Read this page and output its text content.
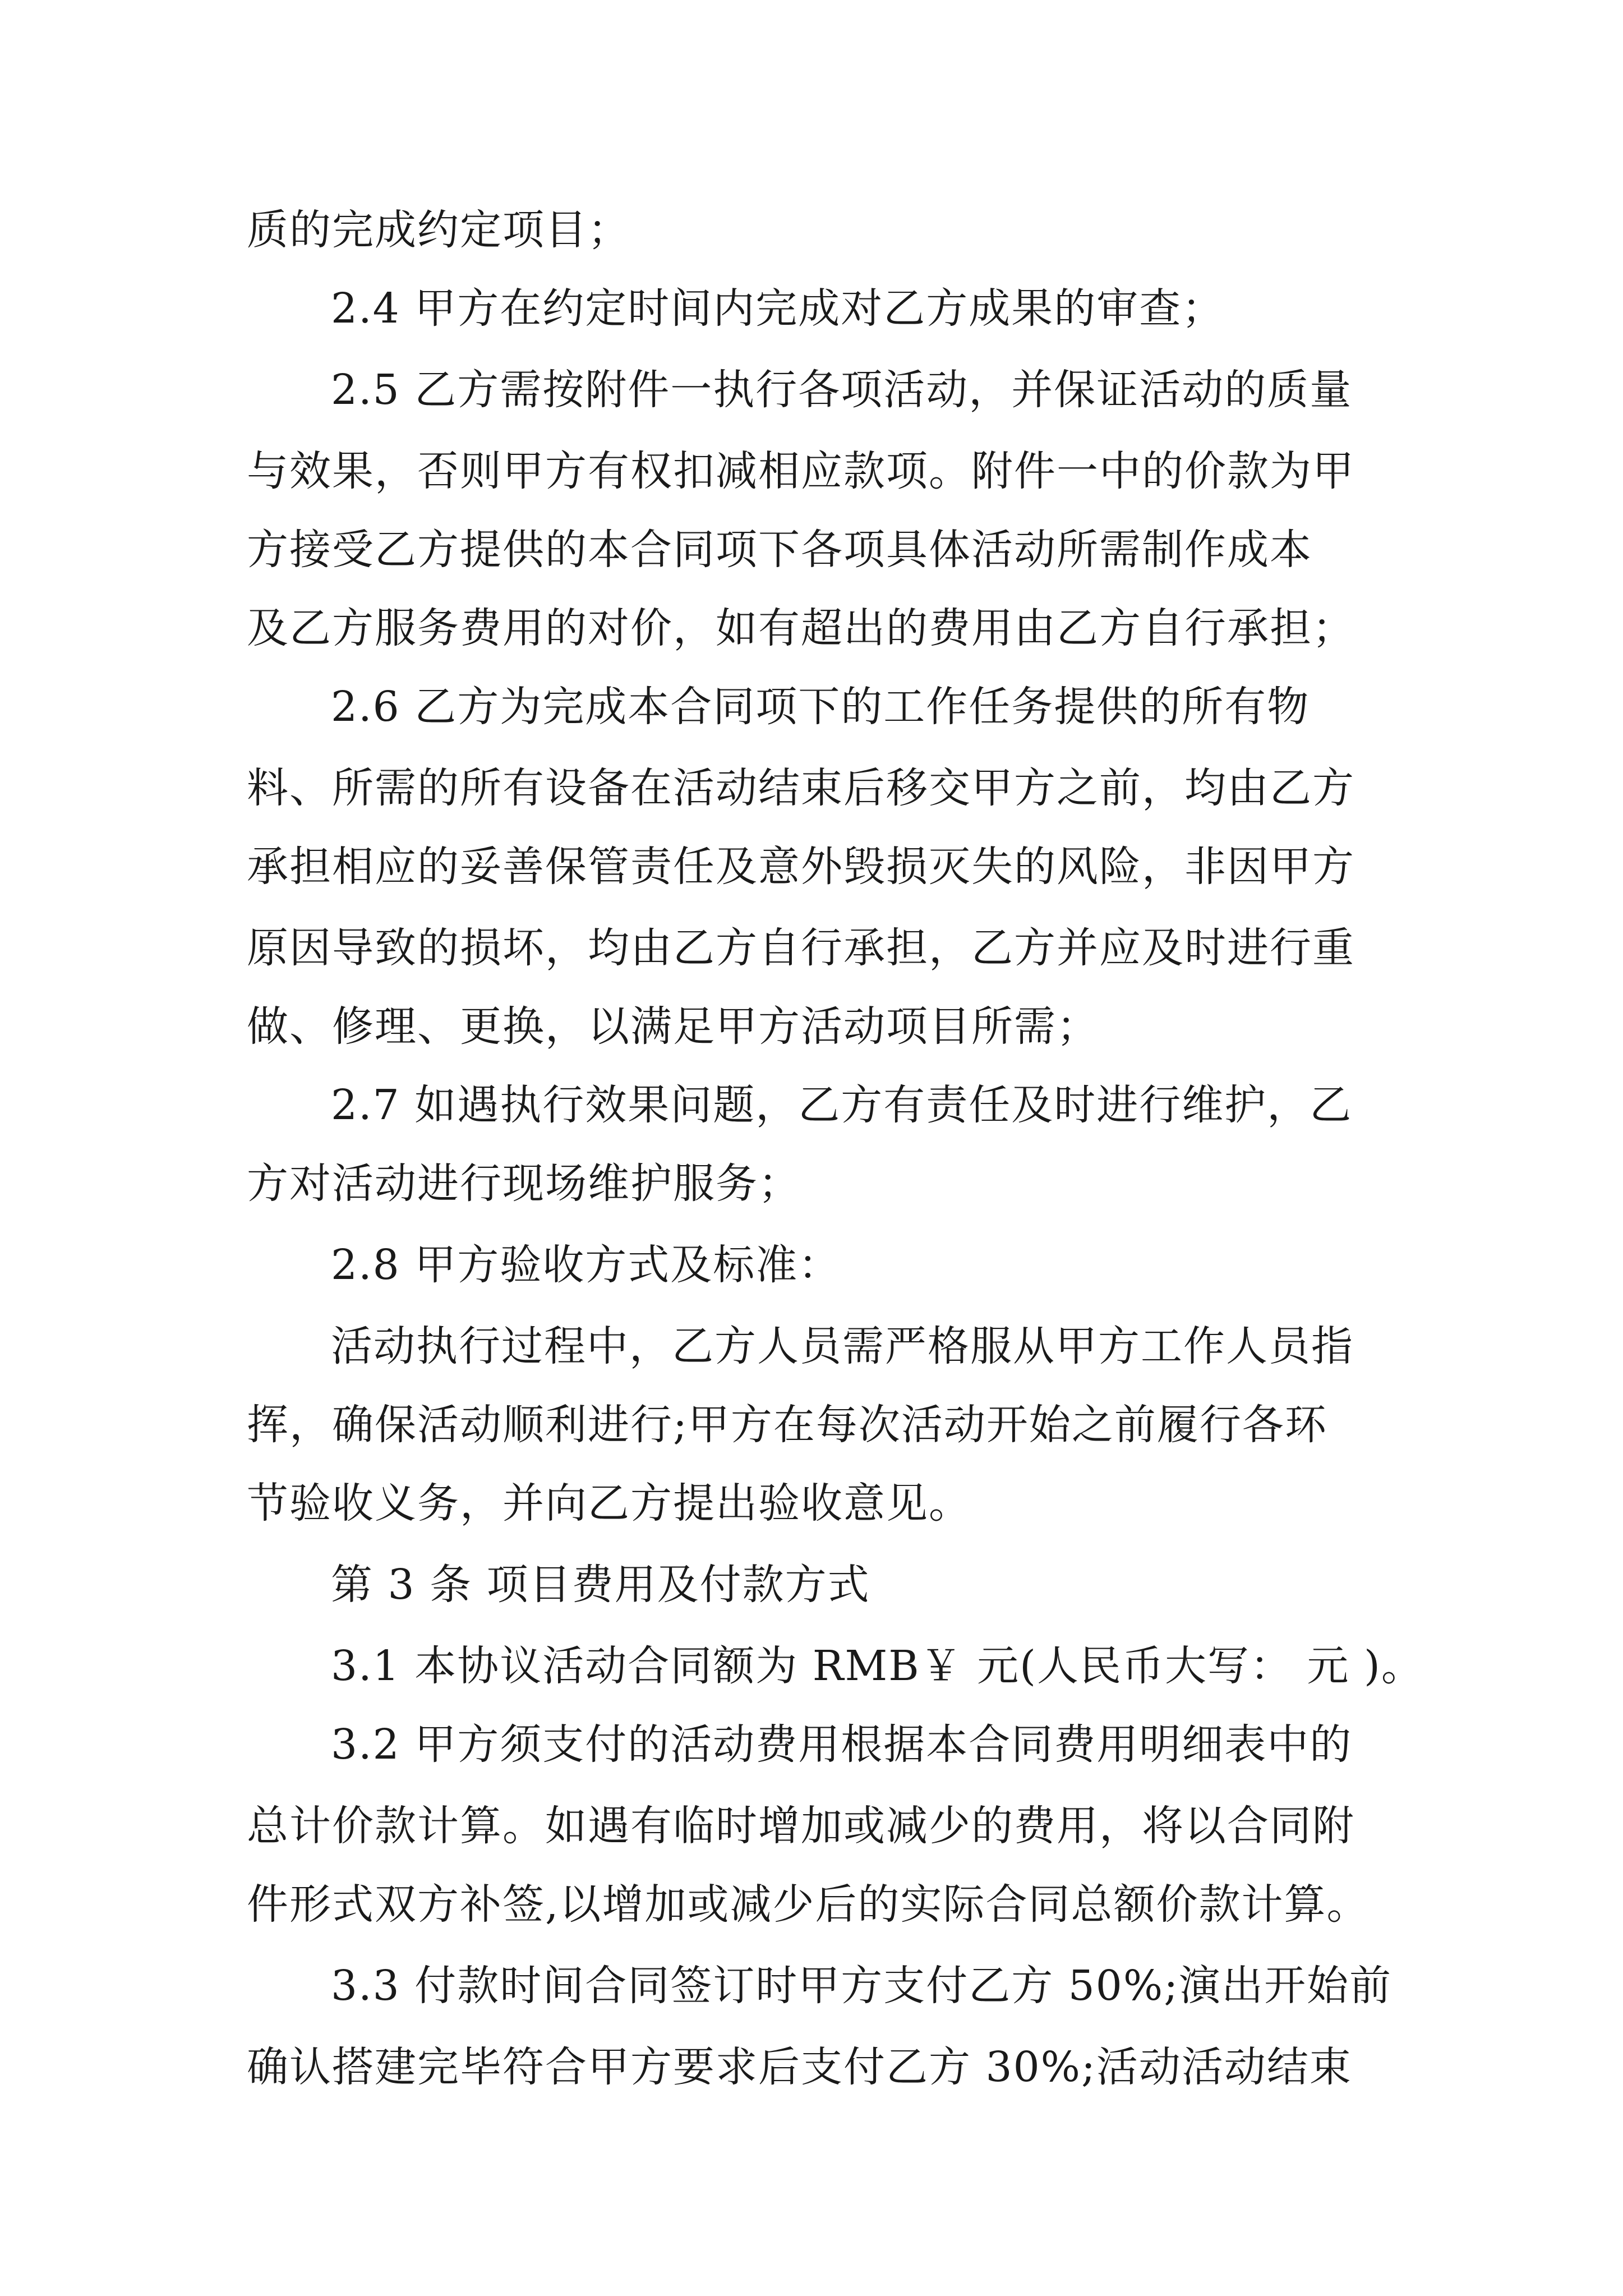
质的完成约定项目；
2.4 甲方在约定时间内完成对乙方成果的审查；
2.5 乙方需按附件一执行各项活动，并保证活动的质量
与效果，否则甲方有权扣减相应款项。附件一中的价款为甲
方接受乙方提供的本合同项下各项具体活动所需制作成本
及乙方服务费用的对价，如有超出的费用由乙方自行承担；
2.6 乙方为完成本合同项下的工作任务提供的所有物
料、所需的所有设备在活动结束后移交甲方之前，均由乙方
承担相应的妥善保管责任及意外毁损灭失的风险，非因甲方
原因导致的损坏，均由乙方自行承担，乙方并应及时进行重
做、修理、更换，以满足甲方活动项目所需；
2.7 如遇执行效果问题，乙方有责任及时进行维护，乙
方对活动进行现场维护服务；
2.8 甲方验收方式及标准：
活动执行过程中，乙方人员需严格服从甲方工作人员指
挥，确保活动顺利进行;甲方在每次活动开始之前履行各环
节验收义务，并向乙方提出验收意见。
第 3 条 项目费用及付款方式
3.1 本协议活动合同额为 RMB￥ 元(人民币大写： 元 )。
3.2 甲方须支付的活动费用根据本合同费用明细表中的
总计价款计算。如遇有临时增加或减少的费用，将以合同附
件形式双方补签,以增加或减少后的实际合同总额价款计算。
3.3 付款时间合同签订时甲方支付乙方 50%;演出开始前
确认搭建完毕符合甲方要求后支付乙方 30%;活动活动结束
